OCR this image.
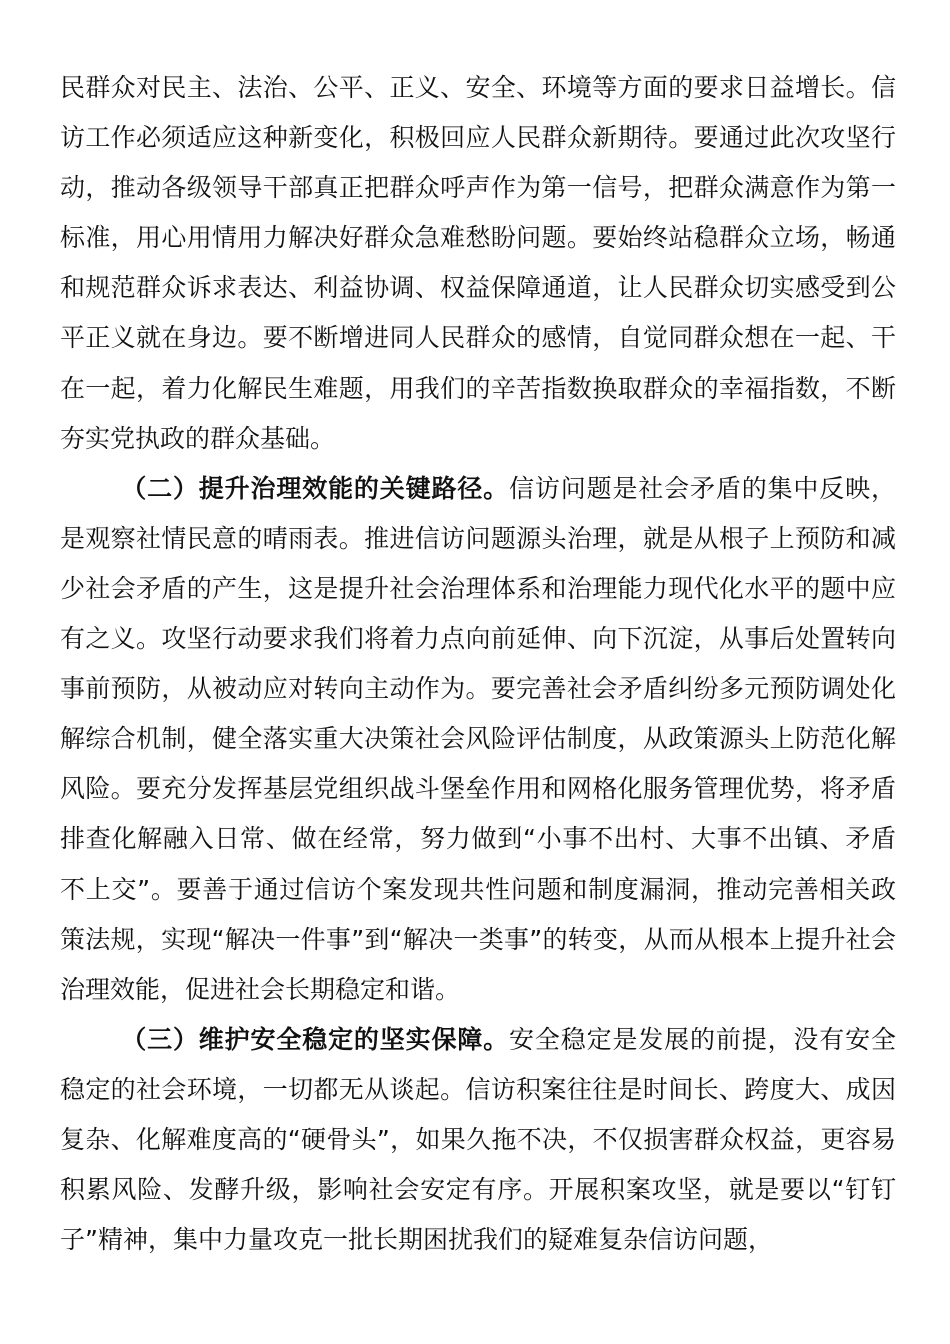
民群众对民主、法治、公平、正义、安全、环境等方面的要求日益增长。信访工作必须适应这种新变化，积极回应人民群众新期待。要通过此次攻坚行动，推动各级领导干部真正把群众呼声作为第一信号，把群众满意作为第一标准，用心用情用力解决好群众急难愁盼问题。要始终站稳群众立场，畅通和规范群众诉求表达、利益协调、权益保障通道，让人民群众切实感受到公平正义就在身边。要不断增进同人民群众的感情，自觉同群众想在一起、干在一起，着力化解民生难题，用我们的辛苦指数换取群众的幸福指数，不断夯实党执政的群众基础。

（二）提升治理效能的关键路径。信访问题是社会矛盾的集中反映，是观察社情民意的晴雨表。推进信访问题源头治理，就是从根子上预防和减少社会矛盾的产生，这是提升社会治理体系和治理能力现代化水平的题中应有之义。攻坚行动要求我们将着力点向前延伸、向下沉淀，从事后处置转向事前预防，从被动应对转向主动作为。要完善社会矛盾纠纷多元预防调处化解综合机制，健全落实重大决策社会风险评估制度，从政策源头上防范化解风险。要充分发挥基层党组织战斗堡垒作用和网格化服务管理优势，将矛盾排查化解融入日常、做在经常，努力做到“小事不出村、大事不出镇、矛盾不上交”。要善于通过信访个案发现共性问题和制度漏洞，推动完善相关政策法规，实现“解决一件事”到“解决一类事”的转变，从而从根本上提升社会治理效能，促进社会长期稳定和谐。

（三）维护安全稳定的坚实保障。安全稳定是发展的前提，没有安全稳定的社会环境，一切都无从谈起。信访积案往往是时间长、跨度大、成因复杂、化解难度高的“硬骨头”，如果久拖不决，不仅损害群众权益，更容易积累风险、发酵升级，影响社会安定有序。开展积案攻坚，就是要以“钉钉子”精神，集中力量攻克一批长期困扰我们的疑难复杂信访问题，
